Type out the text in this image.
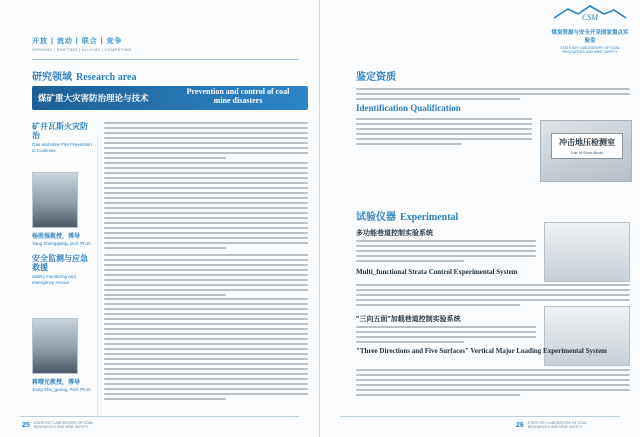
开放 | 流动 | 联合 | 竞争
OPENING | SHIFTING | ALLYING | COMPETING
研究领域 Research area
煤矿重大灾害防治理论与技术
Prevention and control of coal mine disasters
矿井瓦斯火灾防治
Gas and Mine Fire Prevention in Coalmine
杨胜强教授，博导
Yang Shengqiang, prof. Ph.D.
安全监测与应急救援
Safety monitoring and emergency rescue
蒋曙光教授，博导
Jiang Shu_guang, Prof. Ph.D.
25 STATE KEY LABORATORY OF COAL RESOURCES AND MINE SAFETY
CSM
煤炭资源与安全开采国家重点实验室
STATE KEY LABORATORY OF COAL RESOURCES AND MINE SAFETY
鉴定资质
Identification Qualification
冲击地压检测室
Lab of Rock Burst
试验仪器 Experimental
多功能巷道控制实验系统
Multi_functional Strata Control Experimental System
"三向五面"加载巷道控制实验系统
"Three Directions and Five Surfaces" Vertical Major Loading Experimental System
26 STATE KEY LABORATORY OF COAL RESOURCES AND MINE SAFETY
